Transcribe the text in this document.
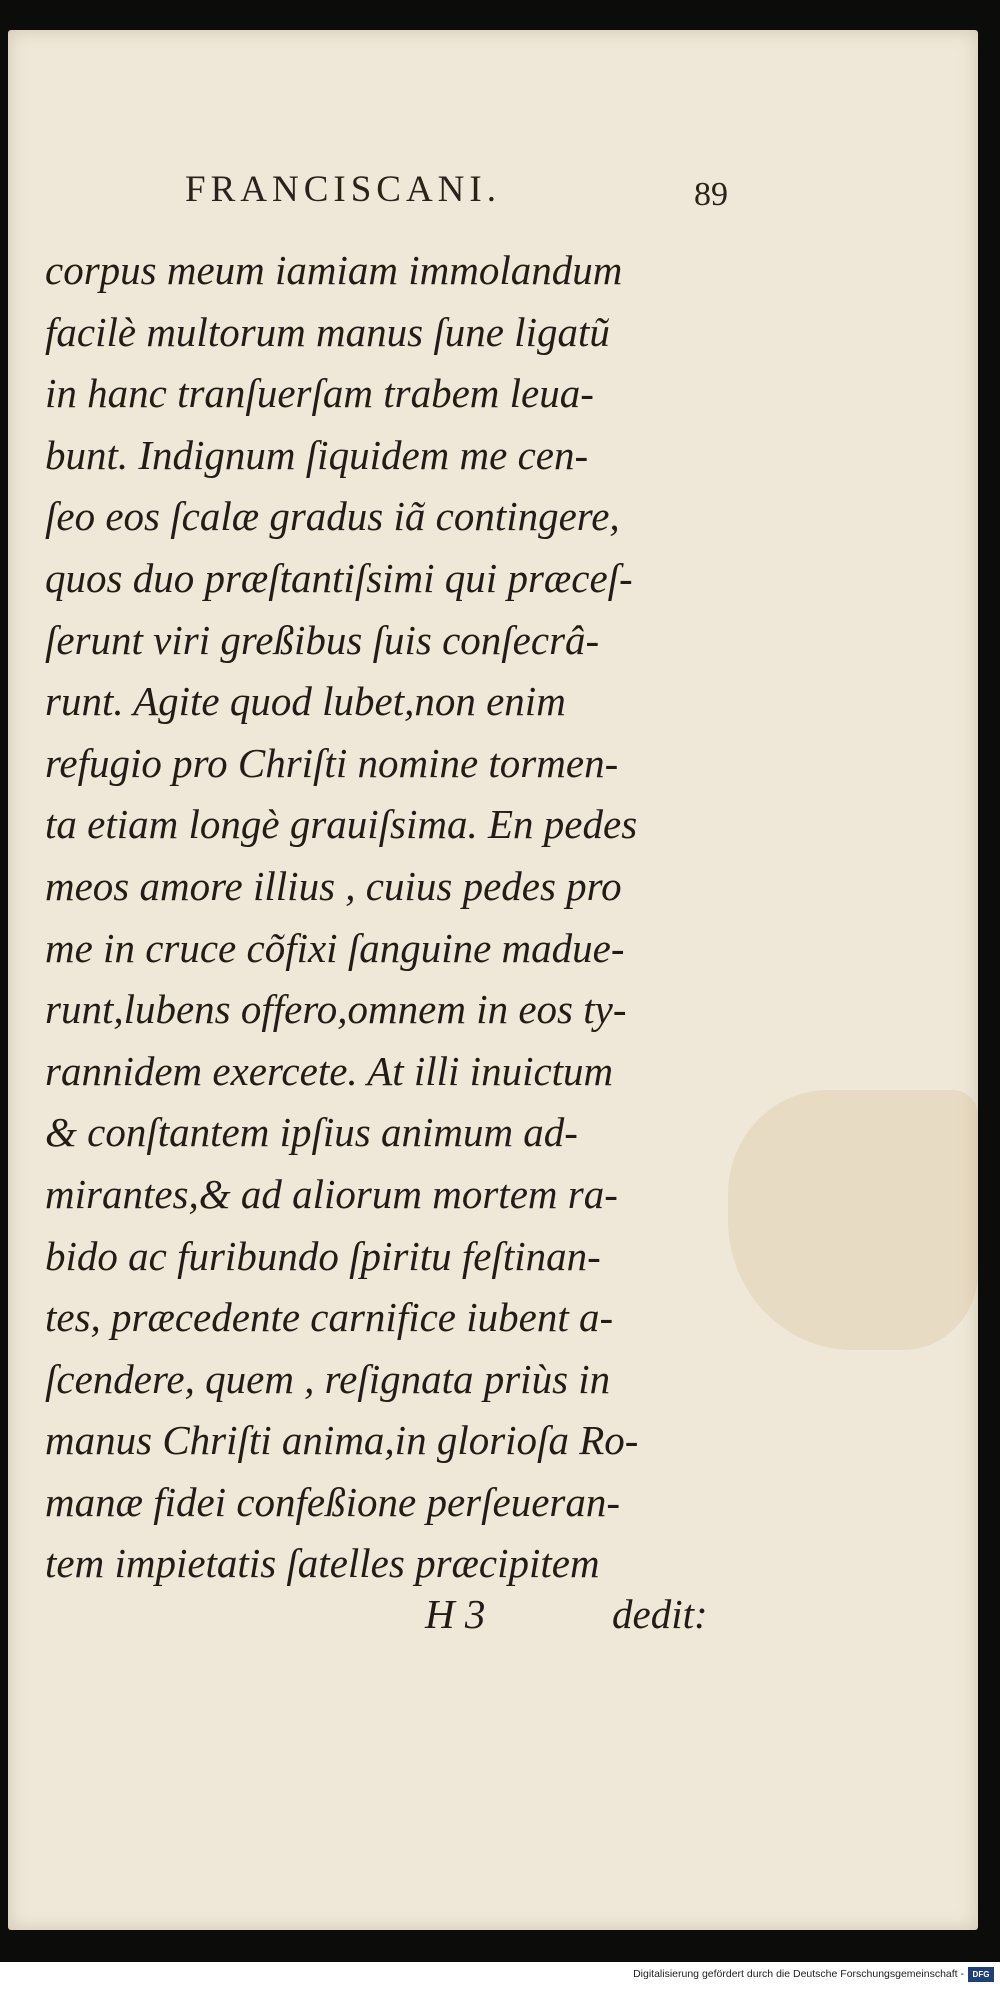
FRANCISCANI.	89
corpus meum iamiam immolandum
facilè multorum manus ſune ligatũ
in hanc tranſuerſam trabem leua-
bunt. Indignum ſiquidem me cen-
ſeo eos ſcalæ gradus iã contingere,
quos duo præſtantiſsimi qui præceſ-
ſerunt viri greßibus ſuis conſecrâ-
runt. Agite quod lubet,non enim
refugio pro Chriſti nomine tormen-
ta etiam longè grauiſsima. En pedes
meos amore illius , cuius pedes pro
me in cruce cõfixi ſanguine madue-
runt,lubens offero,omnem in eos ty-
rannidem exercete. At illi inuictum
& conſtantem ipſius animum ad-
mirantes,& ad aliorum mortem ra-
bido ac furibundo ſpiritu feſtinan-
tes, præcedente carnifice iubent a-
ſcendere, quem , reſignata priùs in
manus Chriſti anima,in glorioſa Ro-
manæ fidei confeßione perſeueran-
tem impietatis ſatelles præcipitem
H 3	dedit:
Digitalisierung gefördert durch die Deutsche Forschungsgemeinschaft -	DFG
